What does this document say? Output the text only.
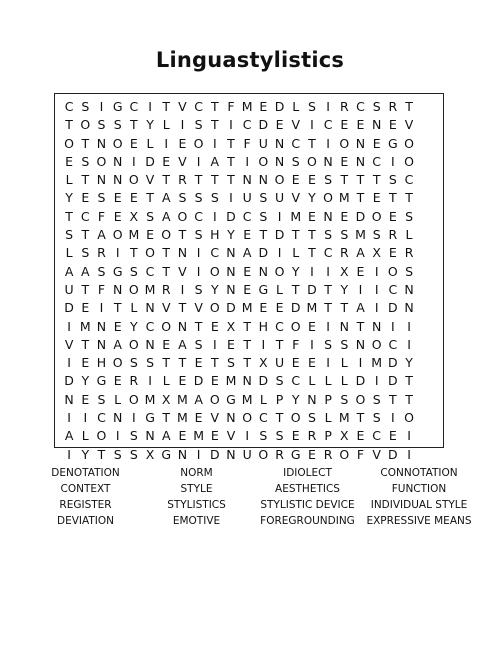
Linguastylistics
C S I G C I T V C T F M E D L S I R C S R T
T O S S T Y L I S T I C D E V I C E E N E V
O T N O E L I E O I T F U N C T I O N E G O
E S O N I D E V I A T I O N S O N E N C I O
L T N N O V T R T T T N N O E E S T T T S C
Y E S E E T A S S S I U S U V Y O M T E T T
T C F E X S A O C I D C S I M E N E D O E S
S T A O M E O T S H Y E T D T T S S M S R L
L S R I T O T N I C N A D I L T C R A X E R
A A S G S C T V I O N E N O Y I	I X E I O S
U T F N O M R I S Y N E G L T D T Y I	I C N
D E I T L N V T V O D M E E D M T T A I D N
I M N E Y C O N T E X T H C O E I N T N I	I
V T N A O N E A S I E T I T F I S S N O C I
I E H O S S T T E T S T X U E E I L I M D Y
D Y G E R I L E D E M N D S C L L L D I D T
N E S L O M X M A O G M L P Y N P S O S T T
I	I C N I G T M E V N O C T O S L M T S I O
A L O I S N A E M E V I S S E R P X E C E I
I Y T S S X G N I D N U O R G E R O F V D I
DENOTATION	NORM	IDIOLECT	CONNOTATION
CONTEXT	STYLE	AESTHETICS	FUNCTION
REGISTER	STYLISTICS	STYLISTIC DEVICE	INDIVIDUAL STYLE
DEVIATION	EMOTIVE	FOREGROUNDING	EXPRESSIVE MEANS
